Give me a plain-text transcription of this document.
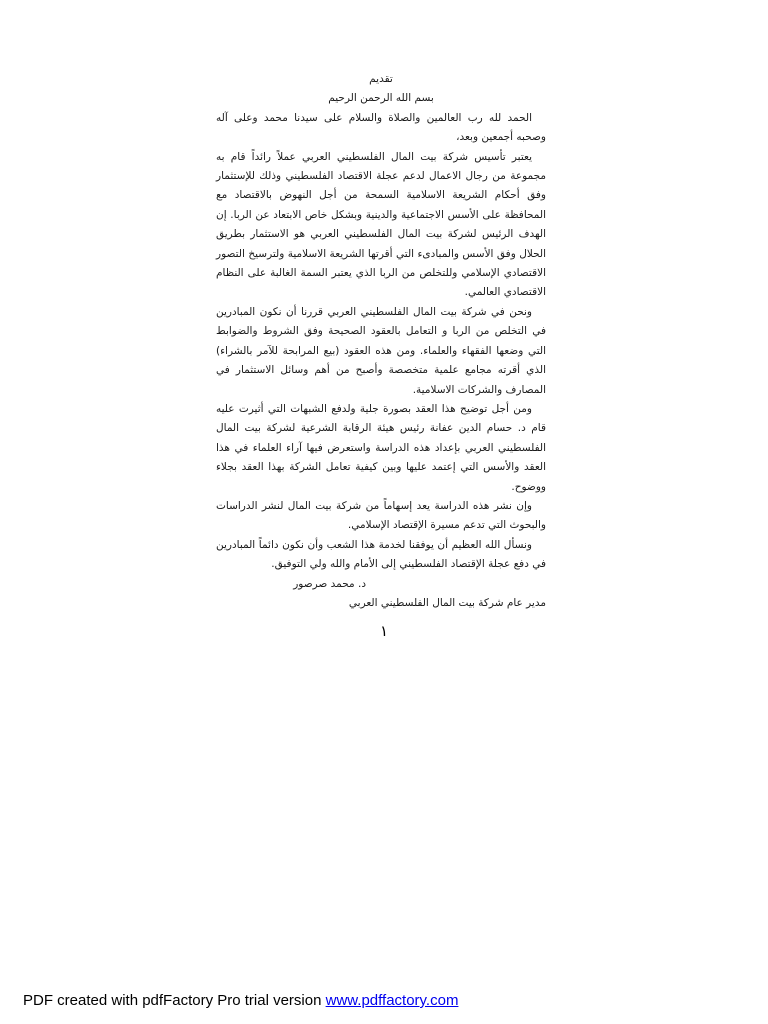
تقديم

بسم الله الرحمن الرحيم

الحمد لله رب العالمين والصلاة والسلام على سيدنا محمد وعلى آله وصحبه أجمعين وبعد،

يعتبر تأسيس شركة بيت المال الفلسطيني العربي عملاً رائداً قام به مجموعة من رجال الاعمال لدعم عجلة الاقتصاد الفلسطيني وذلك للإستثمار وفق أحكام الشريعة الاسلامية السمحة من أجل النهوض بالاقتصاد مع المحافظة على الأسس الاجتماعية والدينية وبشكل خاص الابتعاد عن الربا. إن الهدف الرئيس لشركة بيت المال الفلسطيني العربي هو الاستثمار بطريق الحلال وفق الأسس والمبادىء التي أقرتها الشريعة الاسلامية ولترسيخ التصور الاقتصادي الإسلامي وللتخلص من الربا الذي يعتبر السمة الغالبة على النظام الاقتصادي العالمي.

ونحن في شركة بيت المال الفلسطيني العربي قررنا أن نكون المبادرين في التخلص من الربا و التعامل بالعقود الصحيحة وفق الشروط والضوابط التي وضعها الفقهاء والعلماء. ومن هذه العقود (بيع المرابحة للآمر بالشراء) الذي أقرته مجامع علمية متخصصة وأصبح من أهم وسائل الاستثمار في المصارف والشركات الاسلامية.

ومن أجل توضيح هذا العقد بصورة جلية ولدفع الشبهات التي أثيرت عليه قام د. حسام الدين عفانة رئيس هيئة الرقابة الشرعية لشركة بيت المال الفلسطيني العربي بإعداد هذه الدراسة واستعرض فيها آراء العلماء في هذا العقد والأسس التي إعتمد عليها وبين كيفية تعامل الشركة بهذا العقد بجلاء ووضوح.

وإن نشر هذه الدراسة يعد إسهاماً من شركة بيت المال لنشر الدراسات والبحوث التي تدعم مسيرة الإقتصاد الإسلامي.

ونسأل الله العظيم أن يوفقنا لخدمة هذا الشعب وأن نكون دائماً المبادرين في دفع عجلة الإقتصاد الفلسطيني إلى الأمام والله ولي التوفيق.

د. محمد صرصور

مدير عام شركة بيت المال الفلسطيني العربي

١
PDF created with pdfFactory Pro trial version www.pdffactory.com
